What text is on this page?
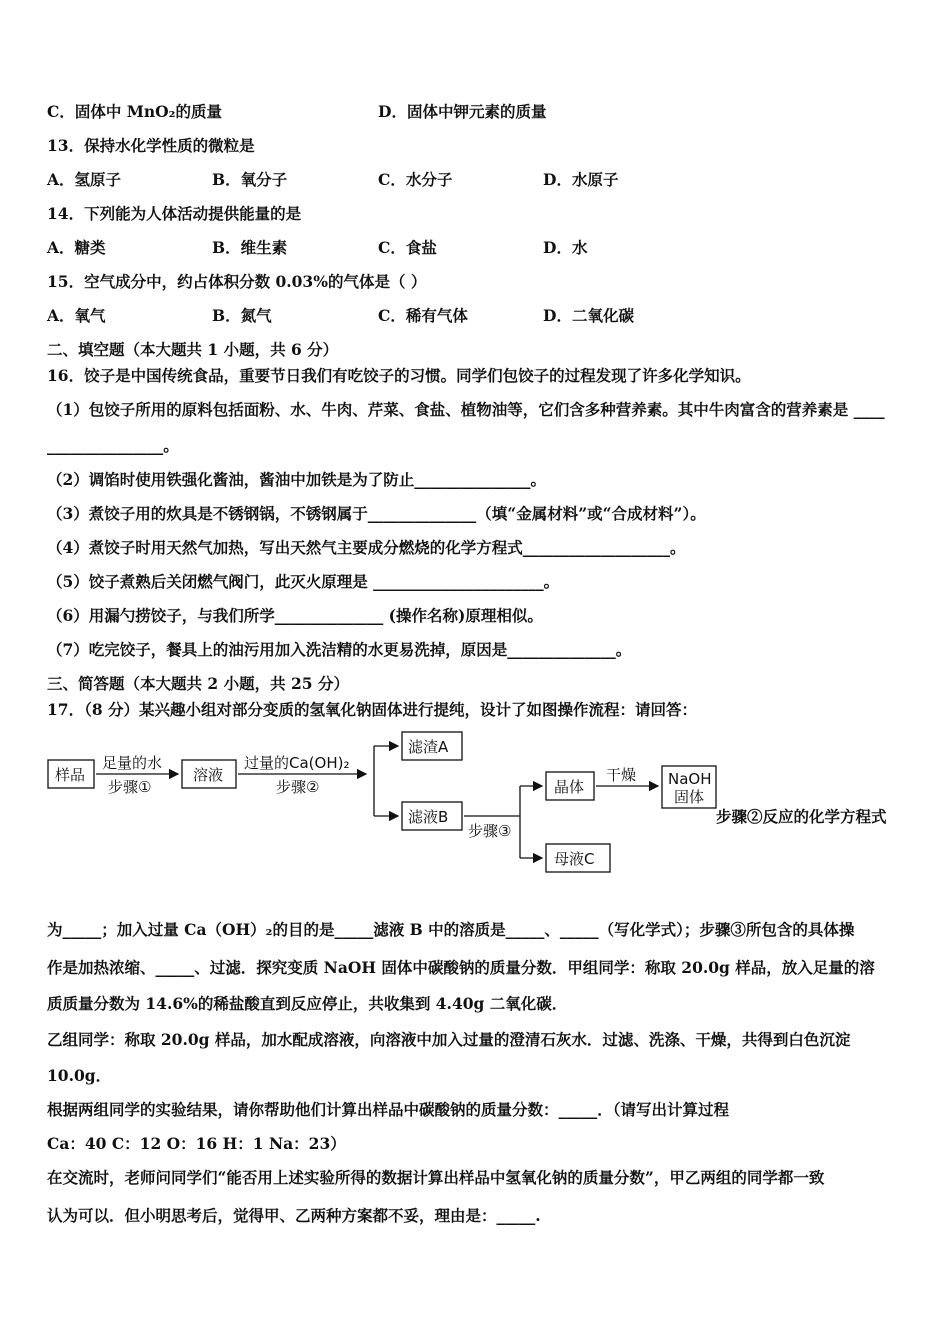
C．固体中 MnO₂的质量	D．固体中钾元素的质量
13．保持水化学性质的微粒是
A．氢原子	B．氧分子	C．水分子	D．水原子
14．下列能为人体活动提供能量的是
A．糖类	B．维生素	C．食盐	D．水
15．空气成分中，约占体积分数 0.03%的气体是（ ）
A．氧气	B．氮气	C．稀有气体	D．二氧化碳
二、填空题（本大题共 1 小题，共 6 分）
16．饺子是中国传统食品，重要节日我们有吃饺子的习惯。同学们包饺子的过程发现了许多化学知识。
（1）包饺子所用的原料包括面粉、水、牛肉、芹菜、食盐、植物油等，它们含多种营养素。其中牛肉富含的营养素是 ____
_______________。
（2）调馅时使用铁强化酱油，酱油中加铁是为了防止_______________。
（3）煮饺子用的炊具是不锈钢锅，不锈钢属于______________（填“金属材料”或“合成材料”）。
（4）煮饺子时用天然气加热，写出天然气主要成分燃烧的化学方程式___________________。
（5）饺子煮熟后关闭燃气阀门，此灭火原理是 ______________________。
（6）用漏勺捞饺子，与我们所学______________ (操作名称)原理相似。
（7）吃完饺子，餐具上的油污用加入洗洁精的水更易洗掉，原因是______________。
三、简答题（本大题共 2 小题，共 25 分）
17．（8 分）某兴趣小组对部分变质的氢氧化钠固体进行提纯，设计了如图操作流程：请回答：
样品
足量的水
步骤①
溶液
过量的Ca(OH)₂
步骤②
滤渣A
滤液B
步骤③
晶体
干燥 NaOH
固体
母液C
步骤②反应的化学方程式
为_____；加入过量 Ca（OH）₂的目的是_____滤液 B 中的溶质是_____、_____（写化学式）；步骤③所包含的具体操
作是加热浓缩、_____、过滤．探究变质 NaOH 固体中碳酸钠的质量分数．甲组同学：称取 20.0g 样品，放入足量的溶
质质量分数为 14.6%的稀盐酸直到反应停止，共收集到 4.40g 二氧化碳．
乙组同学：称取 20.0g 样品，加水配成溶液，向溶液中加入过量的澄清石灰水．过滤、洗涤、干燥，共得到白色沉淀
10.0g．
根据两组同学的实验结果，请你帮助他们计算出样品中碳酸钠的质量分数：_____．（请写出计算过程
Ca：40 C：12 O：16 H：1 Na：23）
在交流时，老师问同学们“能否用上述实验所得的数据计算出样品中氢氧化钠的质量分数”，甲乙两组的同学都一致
认为可以．但小明思考后，觉得甲、乙两种方案都不妥，理由是：_____.
